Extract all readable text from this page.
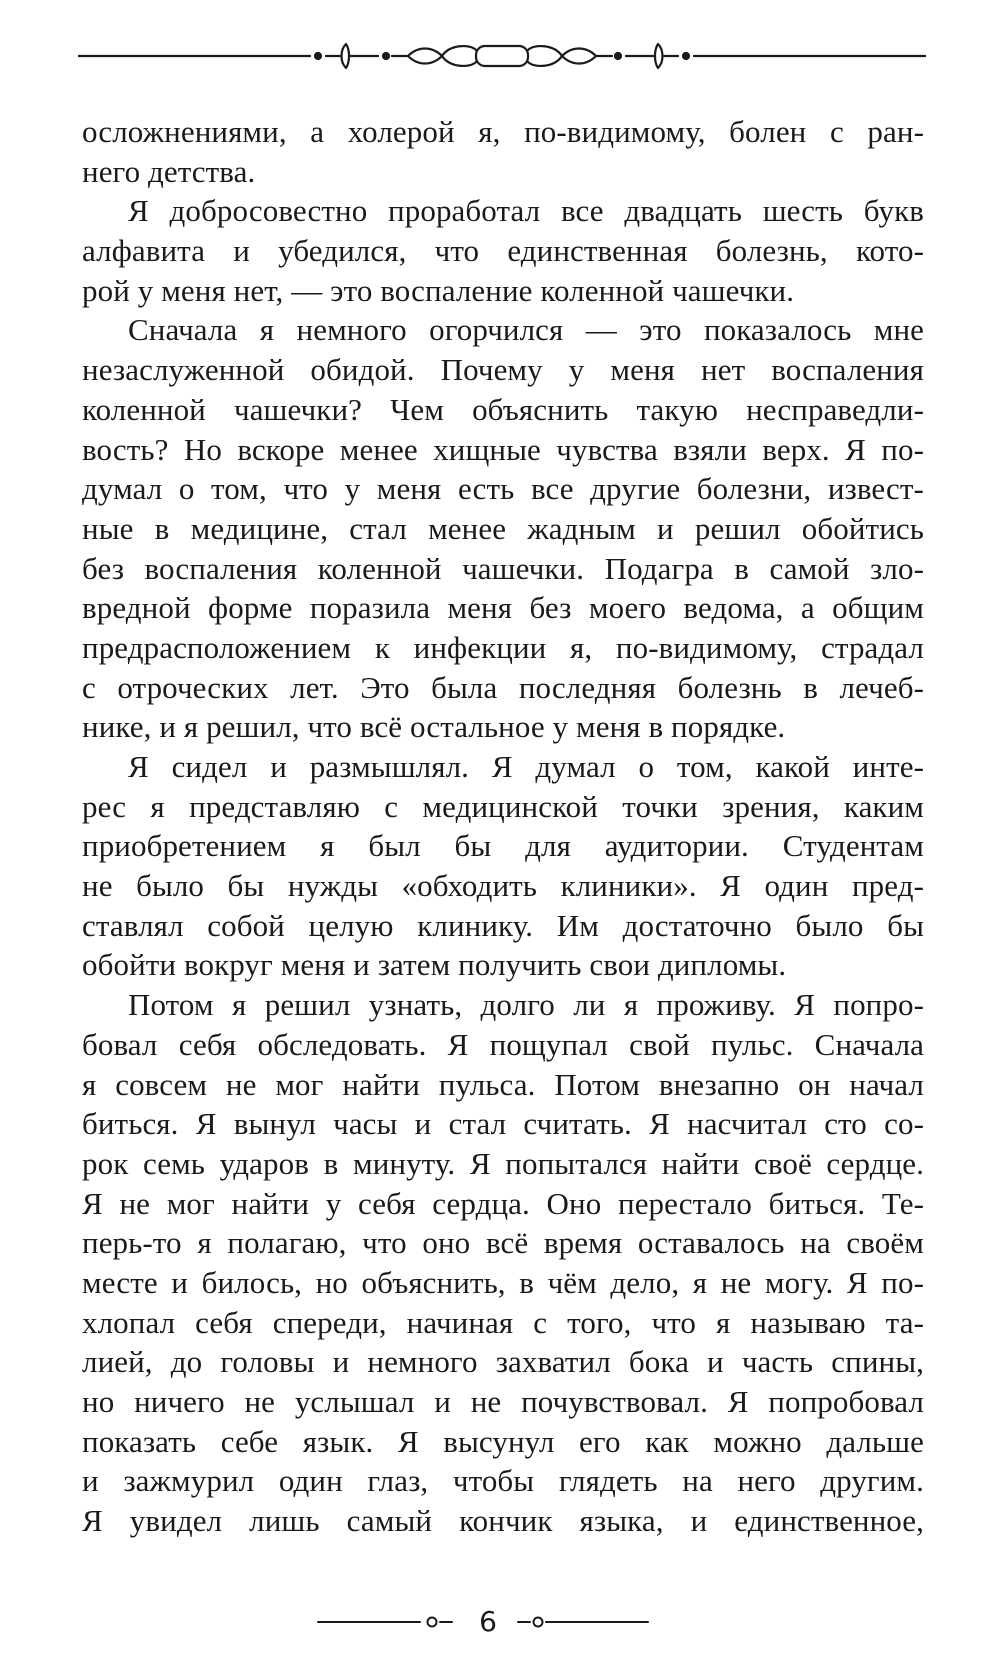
осложнениями, а холерой я, по-видимому, болен с ран-
него детства.
Я добросовестно проработал все двадцать шесть букв
алфавита и убедился, что единственная болезнь, кото-
рой у меня нет, — это воспаление коленной чашечки.
Сначала я немного огорчился — это показалось мне
незаслуженной обидой. Почему у меня нет воспаления
коленной чашечки? Чем объяснить такую несправедли-
вость? Но вскоре менее хищные чувства взяли верх. Я по-
думал о том, что у меня есть все другие болезни, извест-
ные в медицине, стал менее жадным и решил обойтись
без воспаления коленной чашечки. Подагра в самой зло-
вредной форме поразила меня без моего ведома, а общим
предрасположением к инфекции я, по-видимому, страдал
с отроческих лет. Это была последняя болезнь в лечеб-
нике, и я решил, что всё остальное у меня в порядке.
Я сидел и размышлял. Я думал о том, какой инте-
рес я представляю с медицинской точки зрения, каким
приобретением я был бы для аудитории. Студентам
не было бы нужды «обходить клиники». Я один пред-
ставлял собой целую клинику. Им достаточно было бы
обойти вокруг меня и затем получить свои дипломы.
Потом я решил узнать, долго ли я проживу. Я попро-
бовал себя обследовать. Я пощупал свой пульс. Сначала
я совсем не мог найти пульса. Потом внезапно он начал
биться. Я вынул часы и стал считать. Я насчитал сто со-
рок семь ударов в минуту. Я попытался найти своё сердце.
Я не мог найти у себя сердца. Оно перестало биться. Те-
перь-то я полагаю, что оно всё время оставалось на своём
месте и билось, но объяснить, в чём дело, я не могу. Я по-
хлопал себя спереди, начиная с того, что я называю та-
лией, до головы и немного захватил бока и часть спины,
но ничего не услышал и не почувствовал. Я попробовал
показать себе язык. Я высунул его как можно дальше
и зажмурил один глаз, чтобы глядеть на него другим.
Я увидел лишь самый кончик языка, и единственное,
6
